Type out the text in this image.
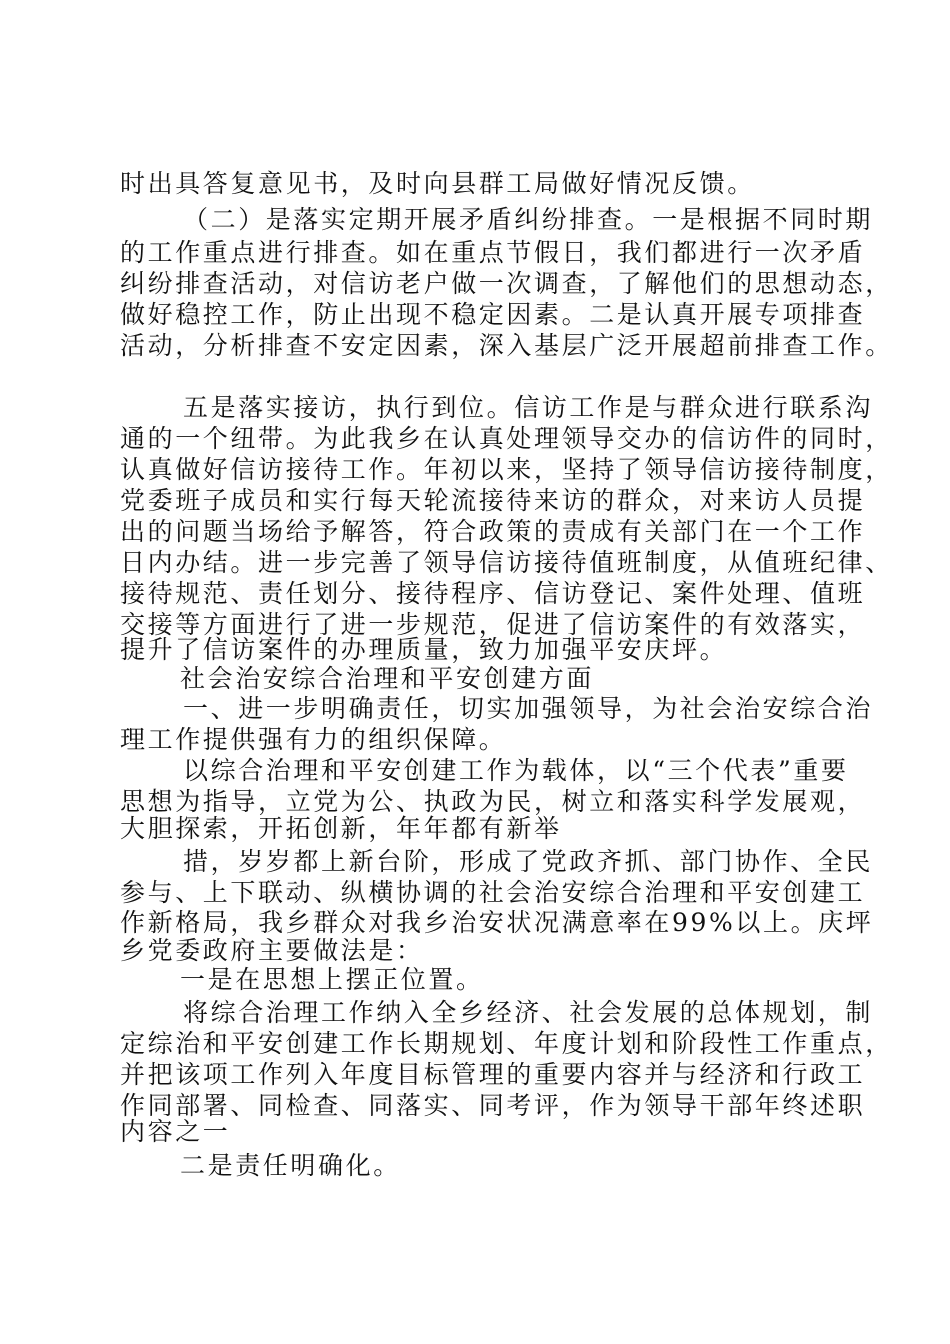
时出具答复意见书，及时向县群工局做好情况反馈。
（二）是落实定期开展矛盾纠纷排查。一是根据不同时期
的工作重点进行排查。如在重点节假日，我们都进行一次矛盾
纠纷排查活动，对信访老户做一次调查，了解他们的思想动态，
做好稳控工作，防止出现不稳定因素。二是认真开展专项排查
活动，分析排查不安定因素，深入基层广泛开展超前排查工作。
五是落实接访，执行到位。信访工作是与群众进行联系沟
通的一个纽带。为此我乡在认真处理领导交办的信访件的同时，
认真做好信访接待工作。年初以来，坚持了领导信访接待制度，
党委班子成员和实行每天轮流接待来访的群众，对来访人员提
出的问题当场给予解答，符合政策的责成有关部门在一个工作
日内办结。进一步完善了领导信访接待值班制度，从值班纪律、
接待规范、责任划分、接待程序、信访登记、案件处理、值班
交接等方面进行了进一步规范，促进了信访案件的有效落实，
提升了信访案件的办理质量，致力加强平安庆坪。
社会治安综合治理和平安创建方面
一、进一步明确责任，切实加强领导，为社会治安综合治
理工作提供强有力的组织保障。
以综合治理和平安创建工作为载体，以“三个代表”重要
思想为指导，立党为公、执政为民，树立和落实科学发展观，
大胆探索，开拓创新，年年都有新举
措，岁岁都上新台阶，形成了党政齐抓、部门协作、全民
参与、上下联动、纵横协调的社会治安综合治理和平安创建工
作新格局，我乡群众对我乡治安状况满意率在99%以上。庆坪
乡党委政府主要做法是：
一是在思想上摆正位置。
将综合治理工作纳入全乡经济、社会发展的总体规划，制
定综治和平安创建工作长期规划、年度计划和阶段性工作重点，
并把该项工作列入年度目标管理的重要内容并与经济和行政工
作同部署、同检查、同落实、同考评，作为领导干部年终述职
内容之一
二是责任明确化。
